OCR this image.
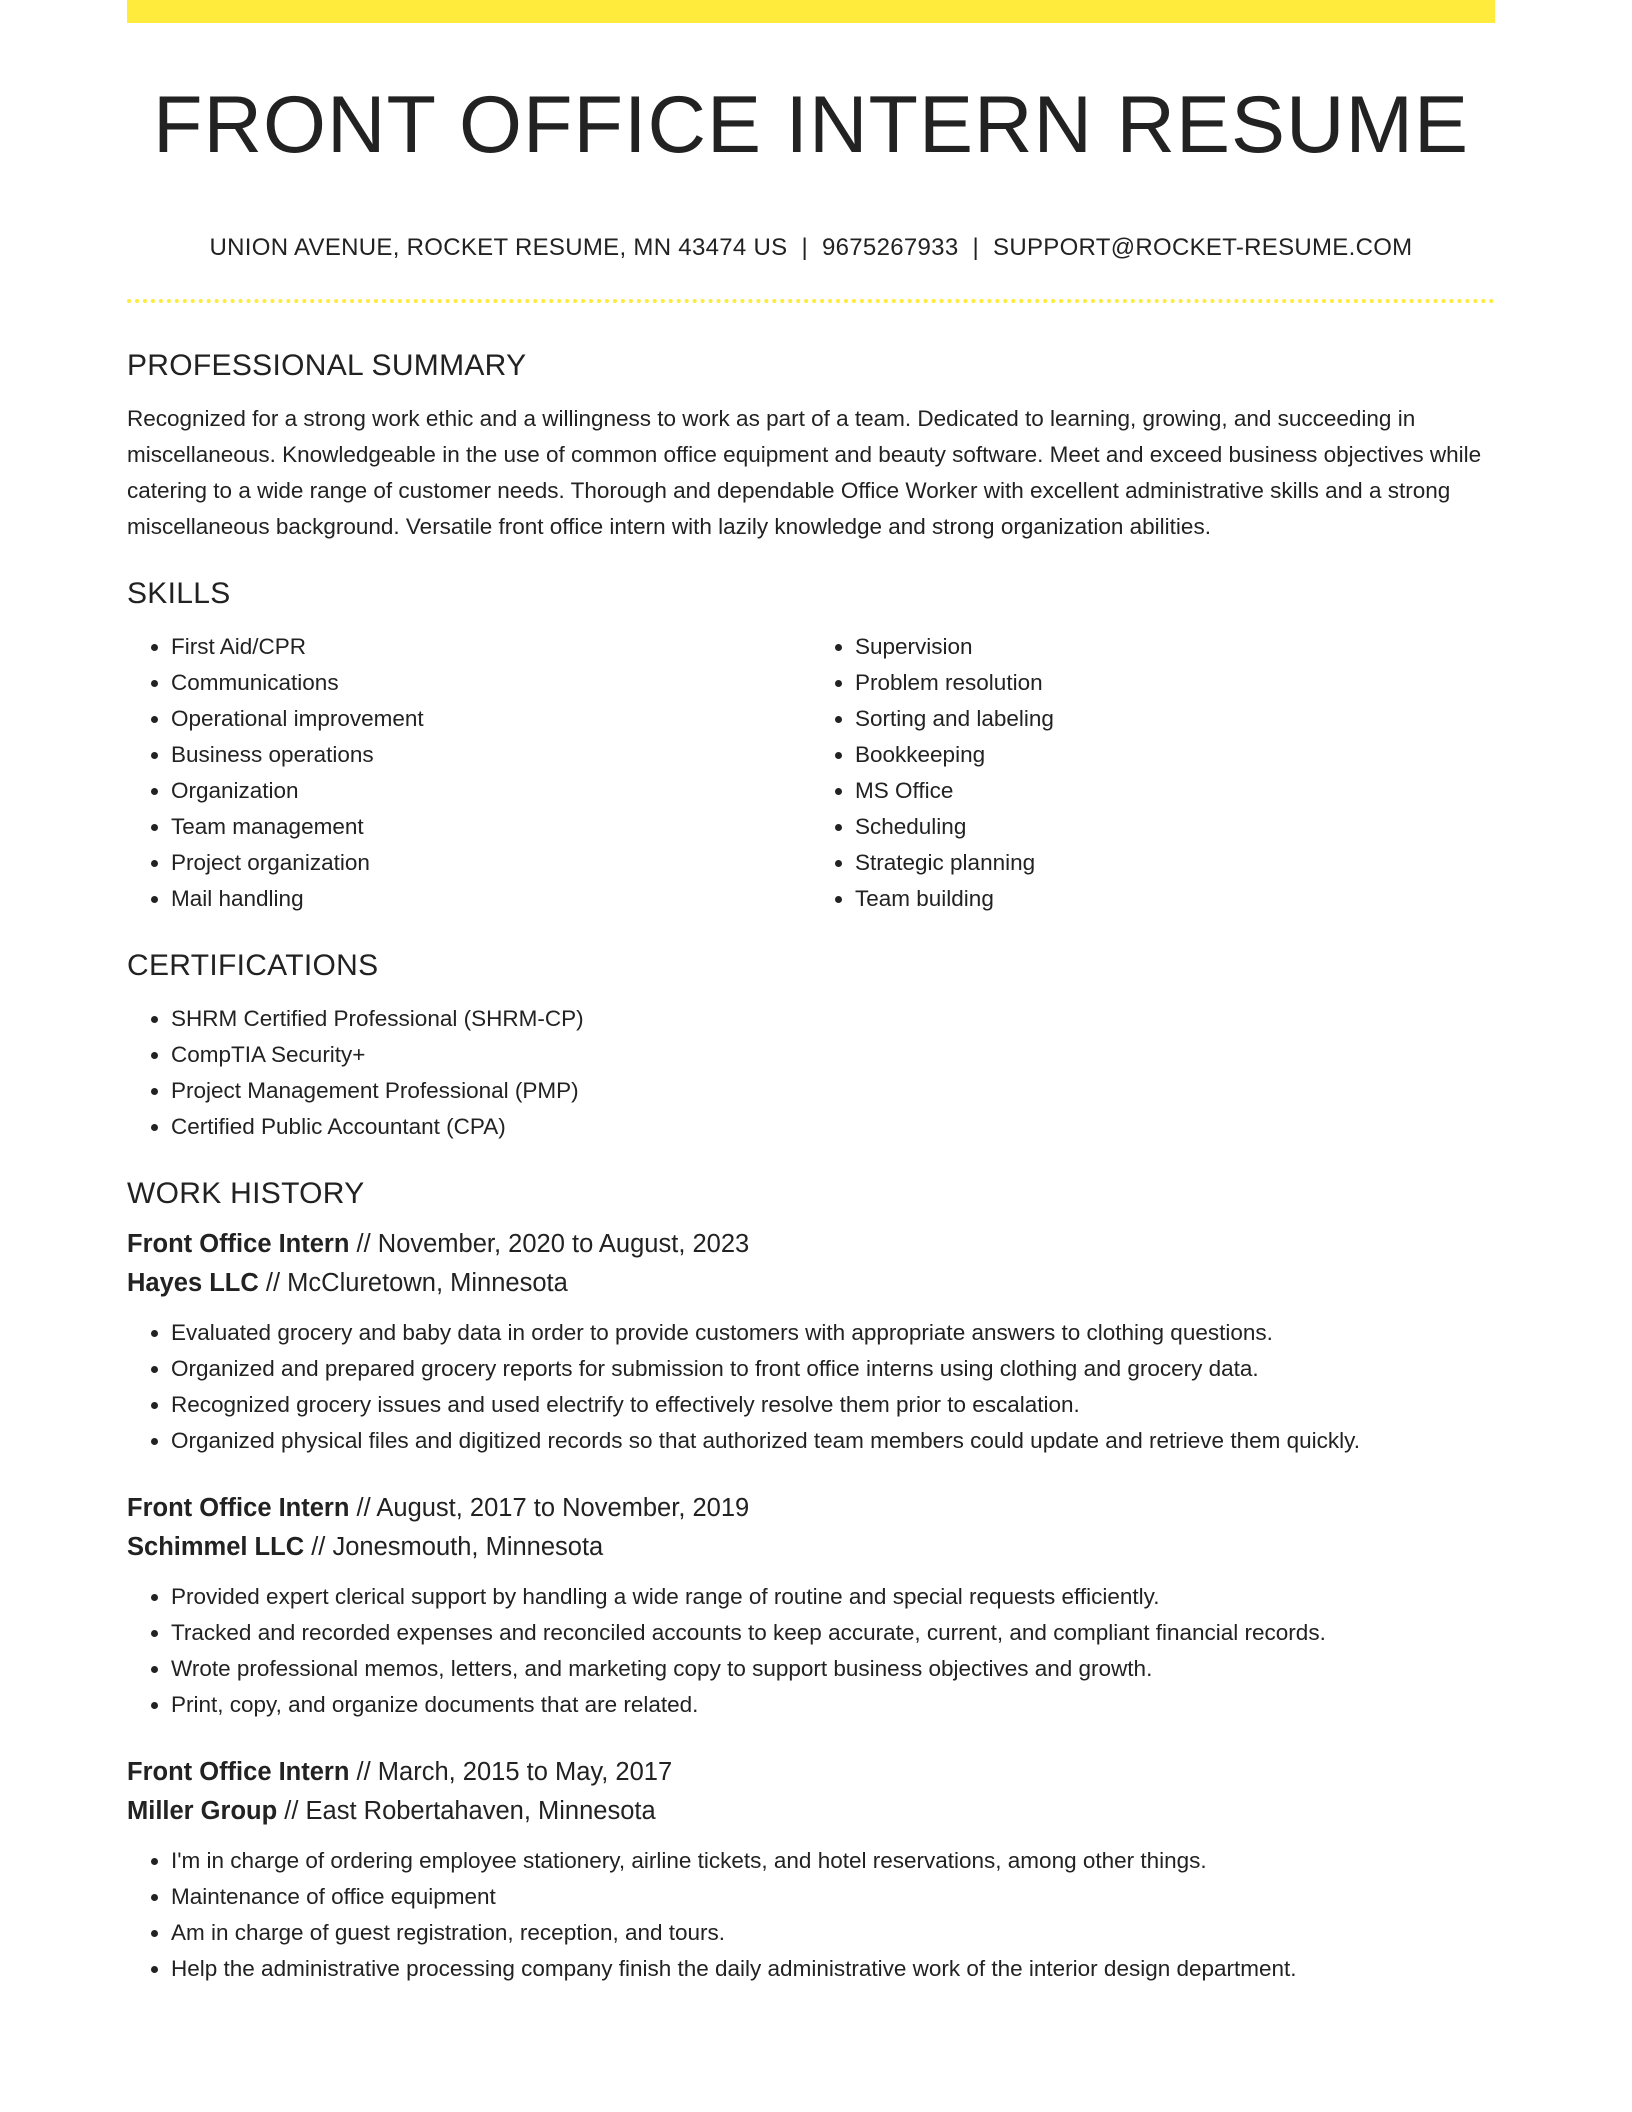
FRONT OFFICE INTERN RESUME
UNION AVENUE, ROCKET RESUME, MN 43474 US | 9675267933 | SUPPORT@ROCKET-RESUME.COM
PROFESSIONAL SUMMARY

Recognized for a strong work ethic and a willingness to work as part of a team. Dedicated to learning, growing, and succeeding in miscellaneous. Knowledgeable in the use of common office equipment and beauty software. Meet and exceed business objectives while catering to a wide range of customer needs. Thorough and dependable Office Worker with excellent administrative skills and a strong miscellaneous background. Versatile front office intern with lazily knowledge and strong organization abilities.

SKILLS
• First Aid/CPR
• Communications
• Operational improvement
• Business operations
• Organization
• Team management
• Project organization
• Mail handling
• Supervision
• Problem resolution
• Sorting and labeling
• Bookkeeping
• MS Office
• Scheduling
• Strategic planning
• Team building
CERTIFICATIONS
• SHRM Certified Professional (SHRM-CP)
• CompTIA Security+
• Project Management Professional (PMP)
• Certified Public Accountant (CPA)
WORK HISTORY
Front Office Intern // November, 2020 to August, 2023
Hayes LLC // McCluretown, Minnesota
• Evaluated grocery and baby data in order to provide customers with appropriate answers to clothing questions.
• Organized and prepared grocery reports for submission to front office interns using clothing and grocery data.
• Recognized grocery issues and used electrify to effectively resolve them prior to escalation.
• Organized physical files and digitized records so that authorized team members could update and retrieve them quickly.
Front Office Intern // August, 2017 to November, 2019
Schimmel LLC // Jonesmouth, Minnesota
• Provided expert clerical support by handling a wide range of routine and special requests efficiently.
• Tracked and recorded expenses and reconciled accounts to keep accurate, current, and compliant financial records.
• Wrote professional memos, letters, and marketing copy to support business objectives and growth.
• Print, copy, and organize documents that are related.
Front Office Intern // March, 2015 to May, 2017
Miller Group // East Robertahaven, Minnesota
• I'm in charge of ordering employee stationery, airline tickets, and hotel reservations, among other things.
• Maintenance of office equipment
• Am in charge of guest registration, reception, and tours.
• Help the administrative processing company finish the daily administrative work of the interior design department.
